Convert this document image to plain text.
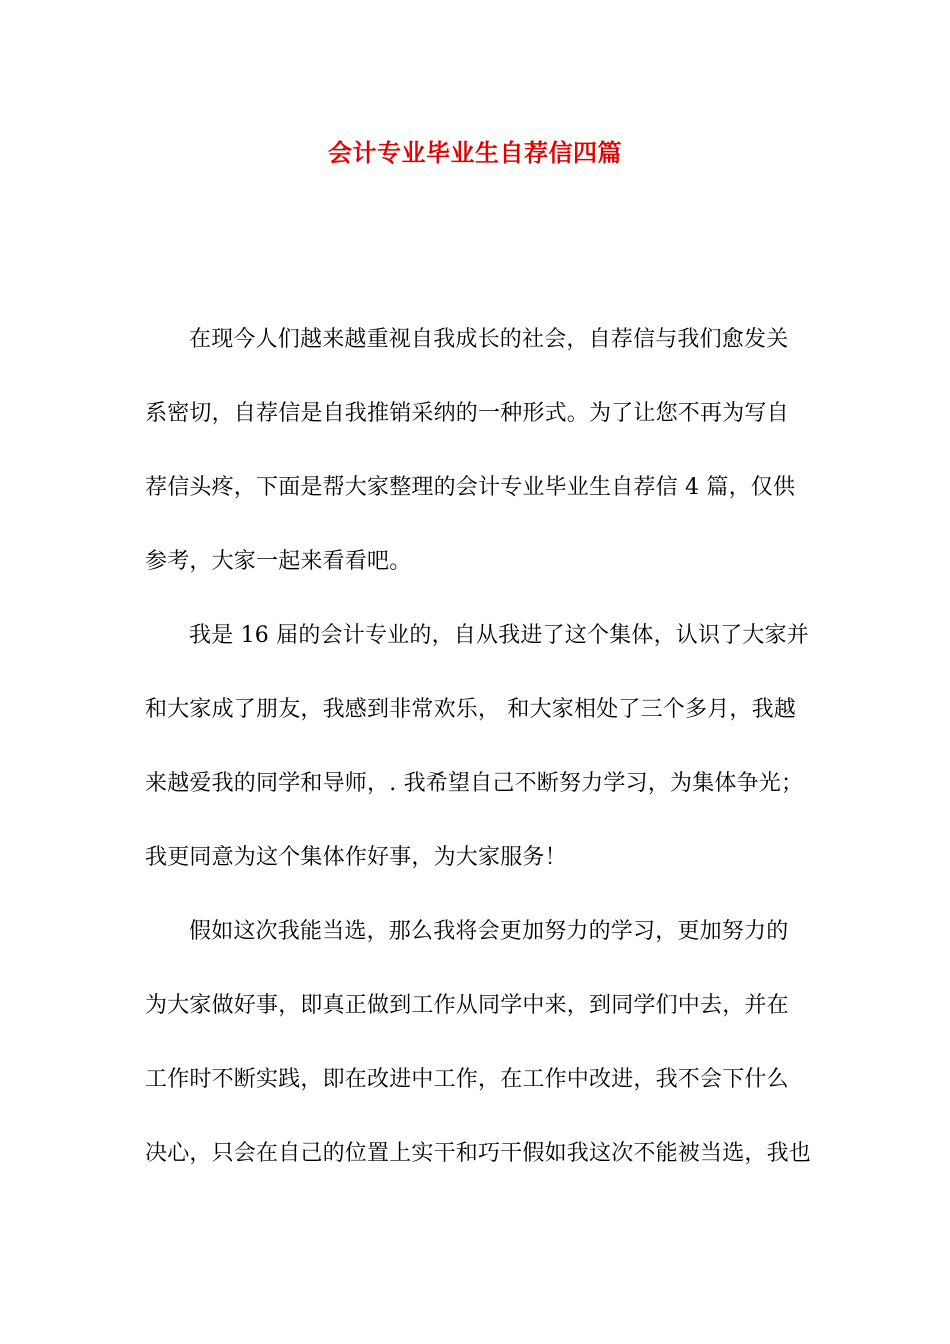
会计专业毕业生自荐信四篇
在现今人们越来越重视自我成长的社会，自荐信与我们愈发关
系密切，自荐信是自我推销采纳的一种形式。为了让您不再为写自
荐信头疼，下面是帮大家整理的会计专业毕业生自荐信 4 篇，仅供
参考，大家一起来看看吧。
我是 16 届的会计专业的，自从我进了这个集体，认识了大家并
和大家成了朋友，我感到非常欢乐， 和大家相处了三个多月，我越
来越爱我的同学和导师，. 我希望自己不断努力学习，为集体争光；
我更同意为这个集体作好事，为大家服务！
假如这次我能当选，那么我将会更加努力的学习，更加努力的
为大家做好事，即真正做到工作从同学中来，到同学们中去，并在
工作时不断实践，即在改进中工作，在工作中改进，我不会下什么
决心，只会在自己的位置上实干和巧干假如我这次不能被当选，我也
